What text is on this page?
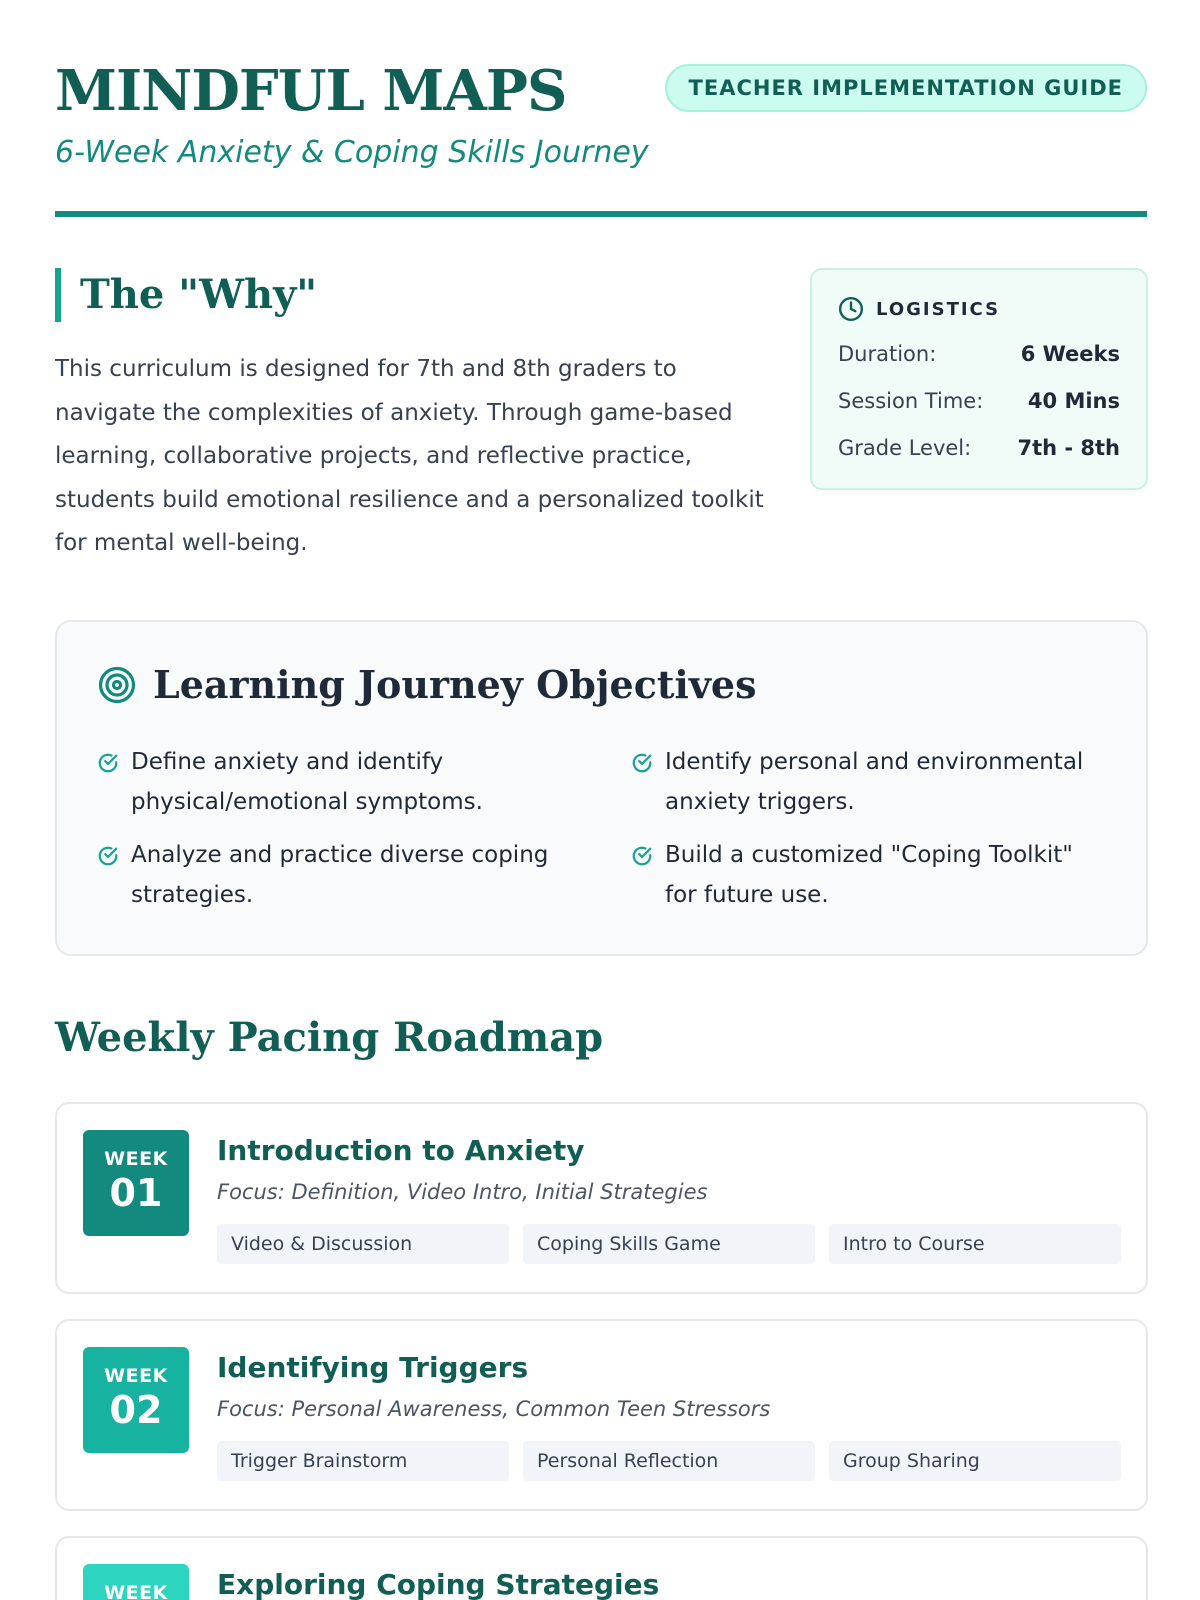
MINDFUL MAPS
6-Week Anxiety & Coping Skills Journey
TEACHER IMPLEMENTATION GUIDE
The "Why"
This curriculum is designed for 7th and 8th graders to navigate the complexities of anxiety. Through game-based learning, collaborative projects, and reflective practice, students build emotional resilience and a personalized toolkit for mental well-being.
LOGISTICS
Duration:	6 Weeks
Session Time: 40 Mins
Grade Level: 7th - 8th
Learning Journey Objectives
Define anxiety and identify physical/emotional symptoms.
Identify personal and environmental anxiety triggers.
Analyze and practice diverse coping strategies.
Build a customized "Coping Toolkit" for future use.
Weekly Pacing Roadmap
WEEK
01
Introduction to Anxiety
Focus: Definition, Video Intro, Initial Strategies
Video & Discussion	Coping Skills Game	Intro to Course
WEEK
02
Identifying Triggers
Focus: Personal Awareness, Common Teen Stressors
Trigger Brainstorm	Personal Reflection	Group Sharing
WEEK	Exploring Coping Strategies
